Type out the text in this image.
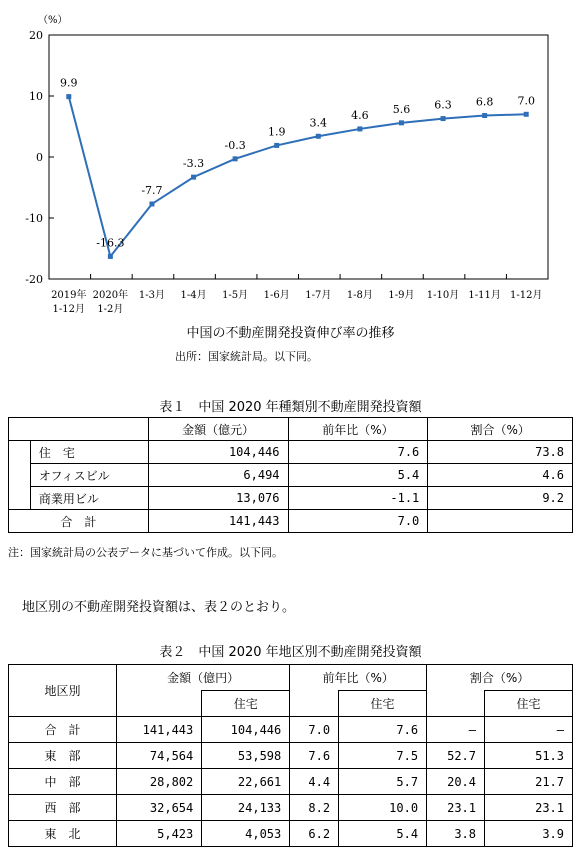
（%）
20
10
0
-10
-20
2019年
1-12月
2020年
1-2月
1-3月 1-4月 1-5月 1-6月 1-7月 1-8月 1-9月 1-10月 1-11月 1-12月
9.9
-16.3
-7.7
-3.3
-0.3
1.9
3.4
4.6 5.6 6.3 6.8 7.0
中国の不動産開発投資伸び率の推移
出所：国家統計局。以下同。
表１　中国 2020 年種類別不動産開発投資額
		金額（億元）	前年比（%）	割合（%）
	住　宅	104,446	7.6	73.8
	オフィスビル	6,494	5.4	4.6
	商業用ビル	13,076	-1.1	9.2
合　計		141,443	7.0	
注：国家統計局の公表データに基づいて作成。以下同。
地区別の不動産開発投資額は、表２のとおり。
表２　中国 2020 年地区別不動産開発投資額
地区別	金額（億円）		前年比（%）		割合（%）	
		住宅		住宅		住宅
合　計	141,443	104,446	7.0	7.6	–	–
東　部	74,564	53,598	7.6	7.5	52.7	51.3
中　部	28,802	22,661	4.4	5.7	20.4	21.7
西　部	32,654	24,133	8.2	10.0	23.1	23.1
東　北	5,423	4,053	6.2	5.4	3.8	3.9
